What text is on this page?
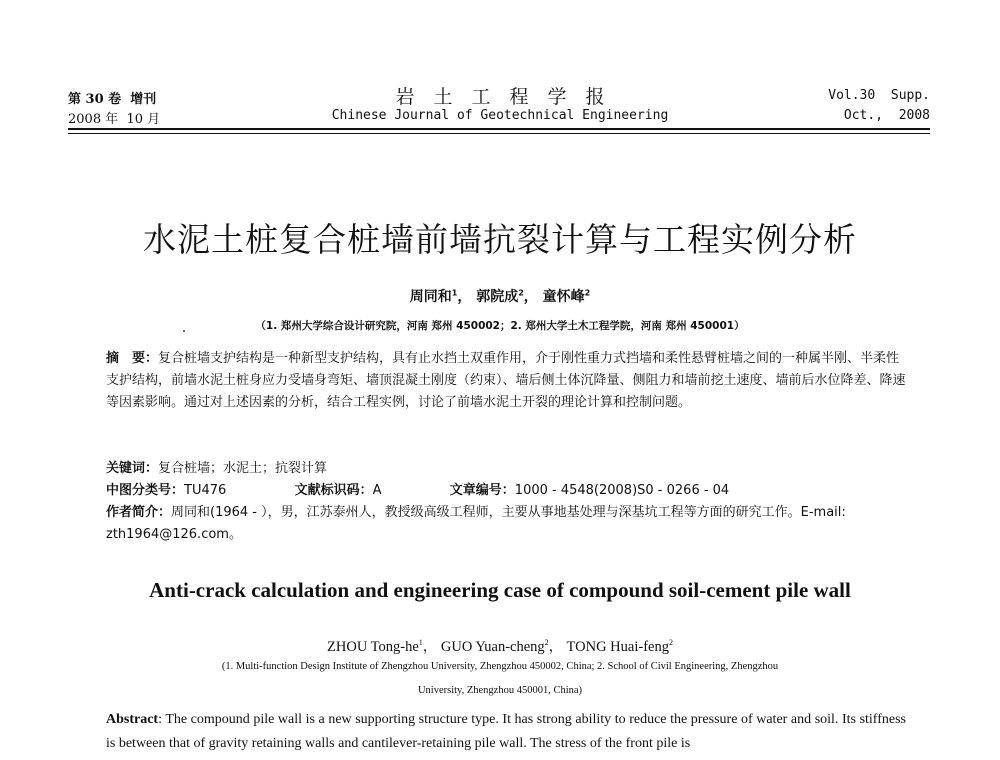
第 30 卷  增刊
2008 年  10 月
岩　土　工　程　学　报
Chinese Journal of Geotechnical Engineering
Vol.30  Supp.
Oct.,  2008
水泥土桩复合桩墙前墙抗裂计算与工程实例分析
周同和$^1$， 郭院成$^2$， 童怀峰$^2$
（1. 郑州大学综合设计研究院，河南 郑州 450002；2. 郑州大学土木工程学院，河南 郑州 450001）
摘　要：复合桩墙支护结构是一种新型支护结构，具有止水挡土双重作用，介于刚性重力式挡墙和柔性悬臂桩墙之间的一种属半刚、半柔性支护结构，前墙水泥土桩身应力受墙身弯矩、墙顶混凝土刚度（约束）、墙后侧土体沉降量、侧阻力和墙前挖土速度、墙前后水位降差、降速等因素影响。通过对上述因素的分析，结合工程实例，讨论了前墙水泥土开裂的理论计算和控制问题。
关键词：复合桩墙；水泥土；抗裂计算
中图分类号：TU476	文献标识码：A	文章编号：1000 - 4548(2008)S0 - 0266 - 04
作者简介：周同和(1964 - ），男，江苏泰州人，教授级高级工程师，主要从事地基处理与深基坑工程等方面的研究工作。E-mail: zth1964@126.com。
Anti-crack calculation and engineering case of compound soil-cement pile wall
ZHOU Tong-$he^1$， GUO Yuan-cheng$^2$， TONG Huai-feng$^2$
(1. Multi-function Design Institute of Zhengzhou University, Zhengzhou 450002, China; 2. School of Civil Engineering, Zhengzhou
University, Zhengzhou 450001, China)
Abstract: The compound pile wall is a new supporting structure type. It has strong ability to reduce the pressure of water and soil. Its stiffness is between that of gravity retaining walls and cantilever-retaining pile wall. The stress of the front pile is
